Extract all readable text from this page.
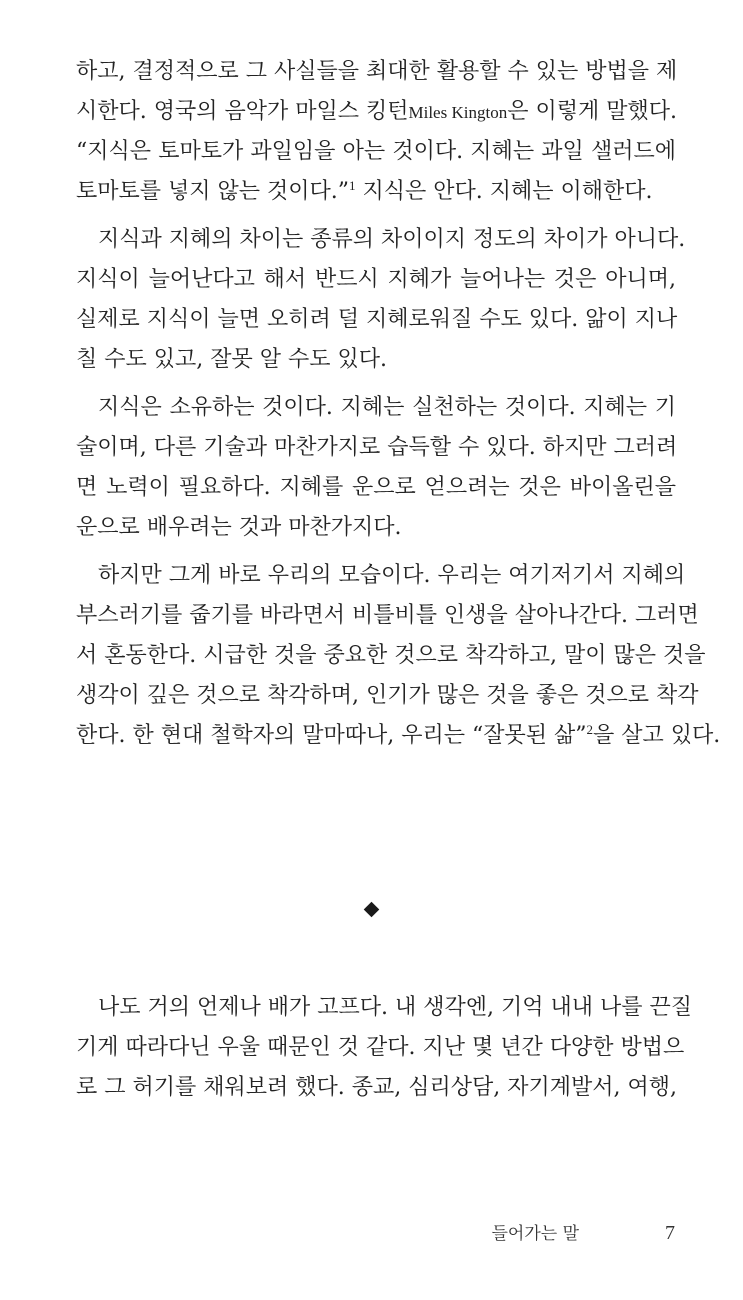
하고, 결정적으로 그 사실들을 최대한 활용할 수 있는 방법을 제
시한다. 영국의 음악가 마일스 킹턴Miles Kington은 이렇게 말했다.
“지식은 토마토가 과일임을 아는 것이다. 지혜는 과일 샐러드에
토마토를 넣지 않는 것이다.”$^1$ 지식은 안다. 지혜는 이해한다.
지식과 지혜의 차이는 종류의 차이이지 정도의 차이가 아니다.
지식이 늘어난다고 해서 반드시 지혜가 늘어나는 것은 아니며,
실제로 지식이 늘면 오히려 덜 지혜로워질 수도 있다. 앎이 지나
칠 수도 있고, 잘못 알 수도 있다.
지식은 소유하는 것이다. 지혜는 실천하는 것이다. 지혜는 기
술이며, 다른 기술과 마찬가지로 습득할 수 있다. 하지만 그러려
면 노력이 필요하다. 지혜를 운으로 얻으려는 것은 바이올린을
운으로 배우려는 것과 마찬가지다.
하지만 그게 바로 우리의 모습이다. 우리는 여기저기서 지혜의
부스러기를 줍기를 바라면서 비틀비틀 인생을 살아나간다. 그러면
서 혼동한다. 시급한 것을 중요한 것으로 착각하고, 말이 많은 것을
생각이 깊은 것으로 착각하며, 인기가 많은 것을 좋은 것으로 착각
한다. 한 현대 철학자의 말마따나, 우리는 “잘못된 삶”$^2$을 살고 있다.
나도 거의 언제나 배가 고프다. 내 생각엔, 기억 내내 나를 끈질
기게 따라다닌 우울 때문인 것 같다. 지난 몇 년간 다양한 방법으
로 그 허기를 채워보려 했다. 종교, 심리상담, 자기계발서, 여행,
들어가는 말	7
